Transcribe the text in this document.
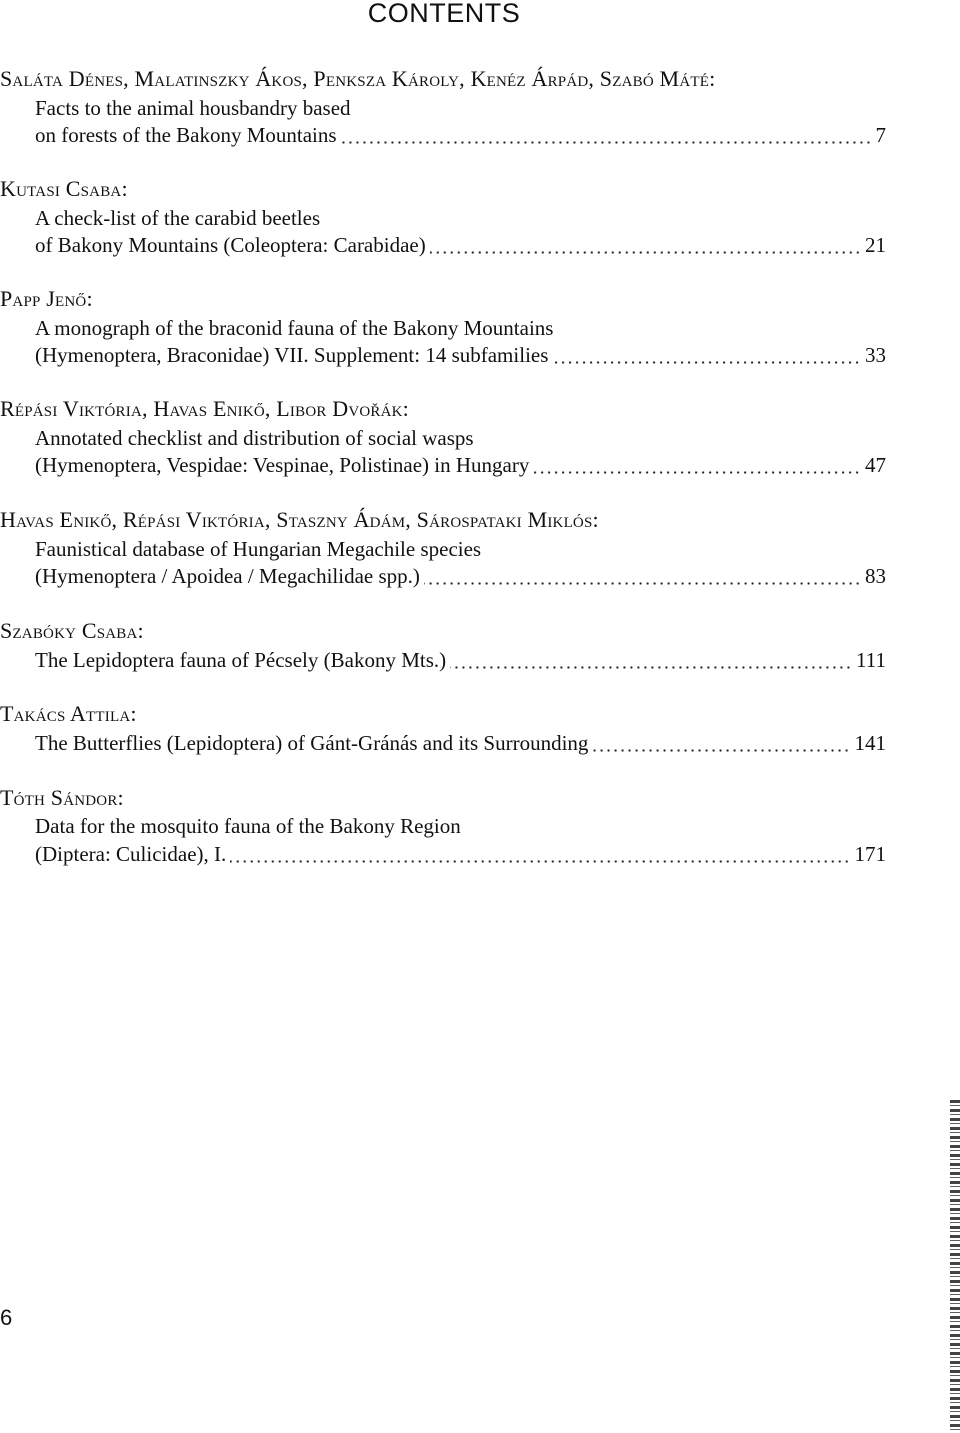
CONTENTS
Saláta Dénes, Malatinszky Ákos, Penksza Károly, Kenéz Árpád, Szabó Máté:
Facts to the animal housbandry based
on forests of the Bakony Mountains	7
Kutasi Csaba:
A check-list of the carabid beetles
of Bakony Mountains (Coleoptera: Carabidae)	21
Papp Jenő:
A monograph of the braconid fauna of the Bakony Mountains
(Hymenoptera, Braconidae) VII. Supplement: 14 subfamilies	33
Répási Viktória, Havas Enikő, Libor Dvořák:
Annotated checklist and distribution of social wasps
(Hymenoptera, Vespidae: Vespinae, Polistinae) in Hungary	47
Havas Enikő, Répási Viktória, Staszny Ádám, Sárospataki Miklós:
Faunistical database of Hungarian Megachile species
(Hymenoptera / Apoidea / Megachilidae spp.)	83
Szabóky Csaba:
The Lepidoptera fauna of Pécsely (Bakony Mts.)	111
Takács Attila:
The Butterflies (Lepidoptera) of Gánt-Gránás and its Surrounding	141
Tóth Sándor:
Data for the mosquito fauna of the Bakony Region
(Diptera: Culicidae), I.	171
6
